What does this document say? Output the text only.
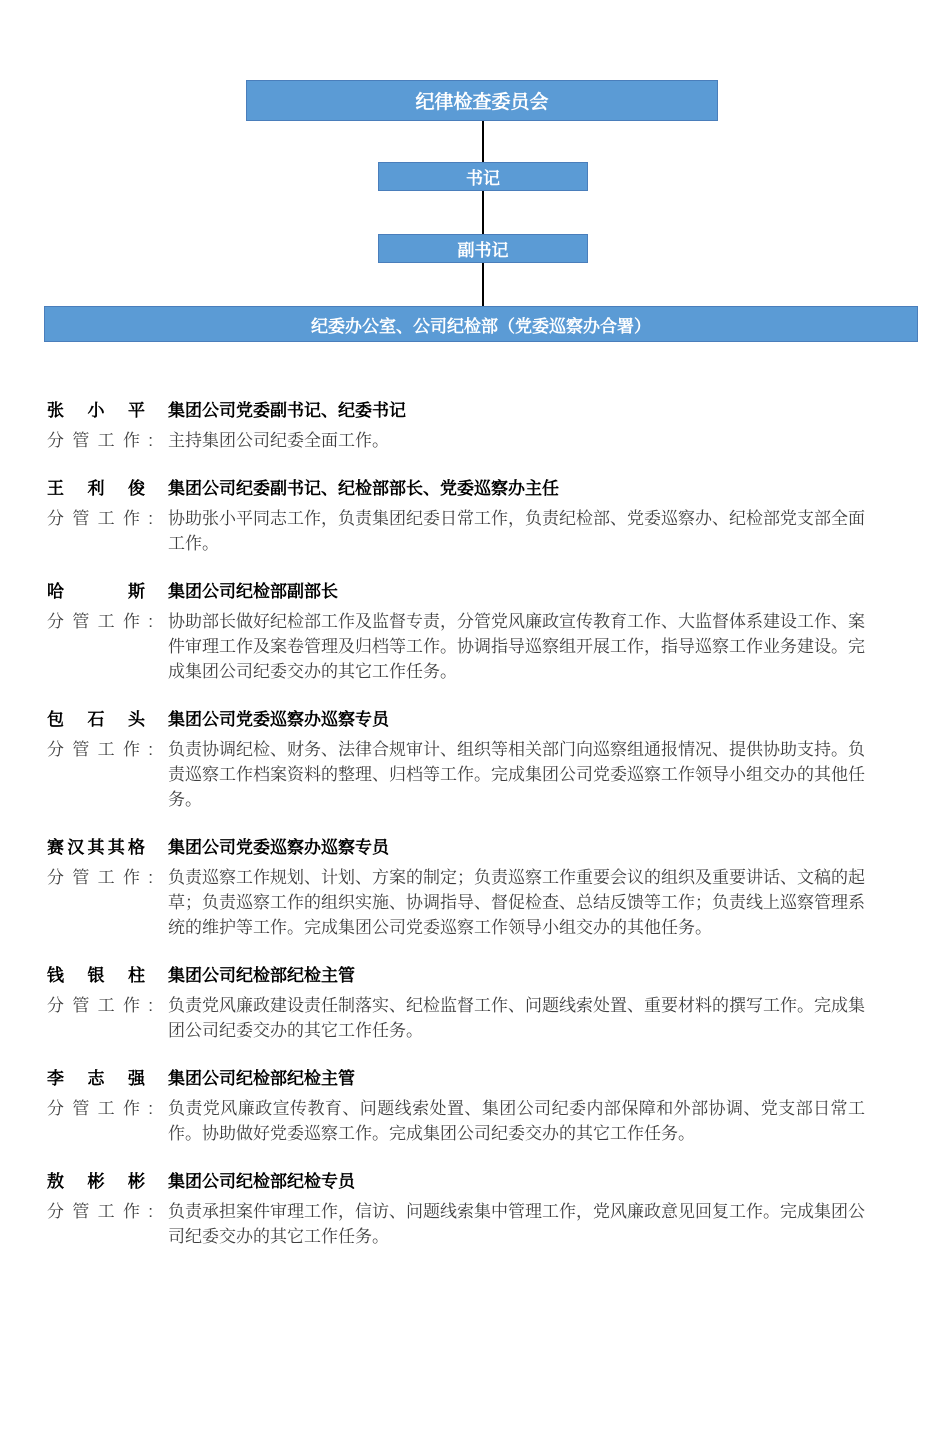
纪律检查委员会
书记
副书记
纪委办公室、公司纪检部（党委巡察办合署）
张小平 集团公司党委副书记、纪委书记
分管工作: 主持集团公司纪委全面工作。
王利俊 集团公司纪委副书记、纪检部部长、党委巡察办主任
分管工作: 协助张小平同志工作，负责集团纪委日常工作，负责纪检部、党委巡察办、纪检部党支部全面工作。
哈斯 集团公司纪检部副部长
分管工作: 协助部长做好纪检部工作及监督专责，分管党风廉政宣传教育工作、大监督体系建设工作、案件审理工作及案卷管理及归档等工作。协调指导巡察组开展工作，指导巡察工作业务建设。完成集团公司纪委交办的其它工作任务。
包石头 集团公司党委巡察办巡察专员
分管工作: 负责协调纪检、财务、法律合规审计、组织等相关部门向巡察组通报情况、提供协助支持。负责巡察工作档案资料的整理、归档等工作。完成集团公司党委巡察工作领导小组交办的其他任务。
赛汉其其格 集团公司党委巡察办巡察专员
分管工作: 负责巡察工作规划、计划、方案的制定；负责巡察工作重要会议的组织及重要讲话、文稿的起草；负责巡察工作的组织实施、协调指导、督促检查、总结反馈等工作；负责线上巡察管理系统的维护等工作。完成集团公司党委巡察工作领导小组交办的其他任务。
钱银柱 集团公司纪检部纪检主管
分管工作: 负责党风廉政建设责任制落实、纪检监督工作、问题线索处置、重要材料的撰写工作。完成集团公司纪委交办的其它工作任务。
李志强 集团公司纪检部纪检主管
分管工作: 负责党风廉政宣传教育、问题线索处置、集团公司纪委内部保障和外部协调、党支部日常工作。协助做好党委巡察工作。完成集团公司纪委交办的其它工作任务。
敖彬彬 集团公司纪检部纪检专员
分管工作: 负责承担案件审理工作，信访、问题线索集中管理工作，党风廉政意见回复工作。完成集团公司纪委交办的其它工作任务。
